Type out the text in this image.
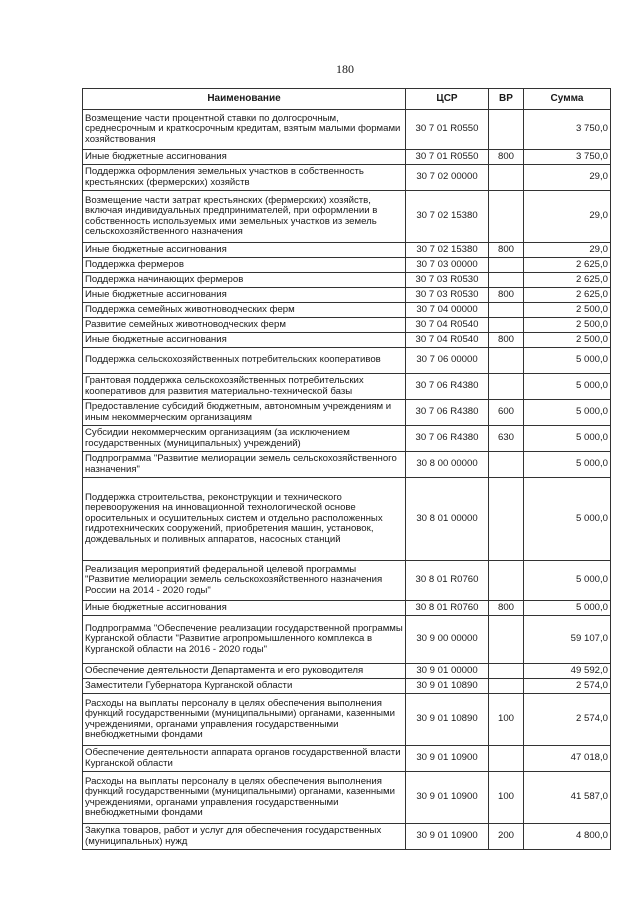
180
Наименование	ЦСР	ВР	Сумма
Возмещение части процентной ставки по долгосрочным, среднесрочным и краткосрочным кредитам, взятым малыми формами хозяйствования	30 7 01 R0550		3 750,0
Иные бюджетные ассигнования	30 7 01 R0550	800	3 750,0
Поддержка оформления земельных участков в собственность крестьянских (фермерских) хозяйств	30 7 02 00000		29,0
Возмещение части затрат крестьянских (фермерских) хозяйств, включая индивидуальных предпринимателей, при оформлении в собственность используемых ими земельных участков из земель сельскохозяйственного назначения	30 7 02 15380		29,0
Иные бюджетные ассигнования	30 7 02 15380	800	29,0
Поддержка фермеров	30 7 03 00000		2 625,0
Поддержка начинающих фермеров	30 7 03 R0530		2 625,0
Иные бюджетные ассигнования	30 7 03 R0530	800	2 625,0
Поддержка семейных животноводческих ферм	30 7 04 00000		2 500,0
Развитие семейных животноводческих ферм	30 7 04 R0540		2 500,0
Иные бюджетные ассигнования	30 7 04 R0540	800	2 500,0
Поддержка сельскохозяйственных потребительских кооперативов	30 7 06 00000		5 000,0
Грантовая поддержка сельскохозяйственных потребительских кооперативов для развития материально-технической базы	30 7 06 R4380		5 000,0
Предоставление субсидий бюджетным, автономным учреждениям и иным некоммерческим организациям	30 7 06 R4380	600	5 000,0
Субсидии некоммерческим организациям (за исключением государственных (муниципальных) учреждений)	30 7 06 R4380	630	5 000,0
Подпрограмма "Развитие мелиорации земель сельскохозяйственного назначения"	30 8 00 00000		5 000,0
Поддержка строительства, реконструкции и технического перевооружения на инновационной технологической основе оросительных и осушительных систем и отдельно расположенных гидротехнических сооружений, приобретения машин, установок, дождевальных и поливных аппаратов, насосных станций	30 8 01 00000		5 000,0
Реализация мероприятий федеральной целевой программы "Развитие мелиорации земель сельскохозяйственного назначения России на 2014 - 2020 годы"	30 8 01 R0760		5 000,0
Иные бюджетные ассигнования	30 8 01 R0760	800	5 000,0
Подпрограмма "Обеспечение реализации государственной программы Курганской области "Развитие агропромышленного комплекса в Курганской области на 2016 - 2020 годы"	30 9 00 00000		59 107,0
Обеспечение деятельности Департамента и его руководителя	30 9 01 00000		49 592,0
Заместители Губернатора Курганской области	30 9 01 10890		2 574,0
Расходы на выплаты персоналу в целях обеспечения выполнения функций государственными (муниципальными) органами, казенными учреждениями, органами управления государственными внебюджетными фондами	30 9 01 10890	100	2 574,0
Обеспечение деятельности аппарата органов государственной власти Курганской области	30 9 01 10900		47 018,0
Расходы на выплаты персоналу в целях обеспечения выполнения функций государственными (муниципальными) органами, казенными учреждениями, органами управления государственными внебюджетными фондами	30 9 01 10900	100	41 587,0
Закупка товаров, работ и услуг для обеспечения государственных (муниципальных) нужд	30 9 01 10900	200	4 800,0
